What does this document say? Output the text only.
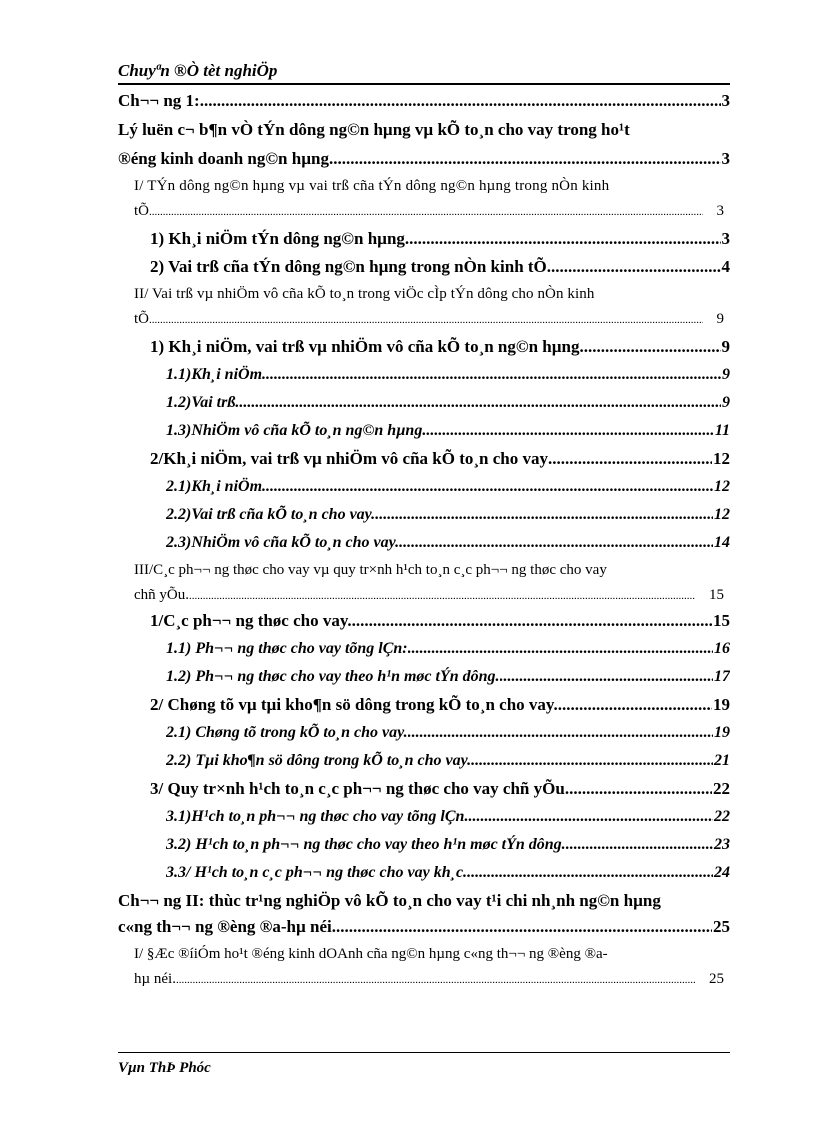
Chuyªn ®Ò tèt nghiÖp
Ch¬¬ ng 1: .....	3
Lý luën c¬ b¶n vÒ tÝn dông ng©n hµng vµ kÕ to¸n cho vay trong ho¹t
®éng kinh doanh ng©n hµng .....	3
I/ TÝn dông ng©n hµng vµ vai trß cña tÝn dông ng©n hµng trong nÒn kinh
tÕ .....	3
1) Kh¸i niÖm tÝn dông ng©n hµng. .....	3
2) Vai trß cña tÝn dông ng©n hµng trong nÒn kinh tÕ .....	4
II/ Vai trß vµ nhiÖm vô cña kÕ to¸n trong viÖc cÌp tÝn dông cho nÒn kinh
tÕ .....	9
1) Kh¸i niÖm, vai trß vµ nhiÖm vô cña kÕ to¸n ng©n hµng. .....	9
1.1)Kh¸i niÖm. .....	9
1.2)Vai trß. .....	9
1.3)NhiÖm vô cña kÕ to¸n ng©n hµng. .....	11
2/Kh¸i niÖm, vai trß vµ nhiÖm vô cña kÕ to¸n cho vay .....	12
2.1)Kh¸i niÖm. .....	12
2.2)Vai trß cña kÕ to¸n cho vay. .....	12
2.3)NhiÖm vô cña kÕ to¸n cho vay. .....	14
III/C¸c ph¬¬ ng thøc cho vay vµ quy tr×nh h¹ch to¸n c¸c ph¬¬ ng thøc cho vay
chñ yÕu. .....	15
1/C¸c ph¬¬ ng thøc cho vay. .....	15
1.1) Ph¬¬ ng thøc cho vay tõng lÇn: .....	16
1.2) Ph¬¬ ng thøc cho vay theo h¹n møc tÝn dông. .....	17
2/ Chøng tõ vµ tµi kho¶n sö dông trong kÕ to¸n cho vay. .....	19
2.1) Chøng tõ trong kÕ to¸n cho vay. .....	19
2.2) Tµi kho¶n sö dông trong kÕ to¸n cho vay. .....	21
3/ Quy tr×nh h¹ch to¸n c¸c ph¬¬ ng thøc cho vay chñ yÕu. .....	22
3.1)H¹ch to¸n ph¬¬ ng thøc cho vay tõng lÇn .....	22
3.2) H¹ch to¸n ph¬¬ ng thøc cho vay theo h¹n møc tÝn dông. .....	23
3.3/ H¹ch to¸n c¸c ph¬¬ ng thøc cho vay kh¸c. .....	24
Ch¬¬ ng II: thùc tr¹ng nghiÖp vô kÕ to¸n cho vay t¹i chi nh¸nh ng©n hµng
c«ng th¬¬ ng ®èng ®a-hµ néi .....	25
I/ §Æc ®íiÓm ho¹t ®éng kinh dOAnh cña ng©n hµng c«ng th¬¬ ng ®èng ®a-
hµ néi. .....	25
Vµn ThÞ Phóc
